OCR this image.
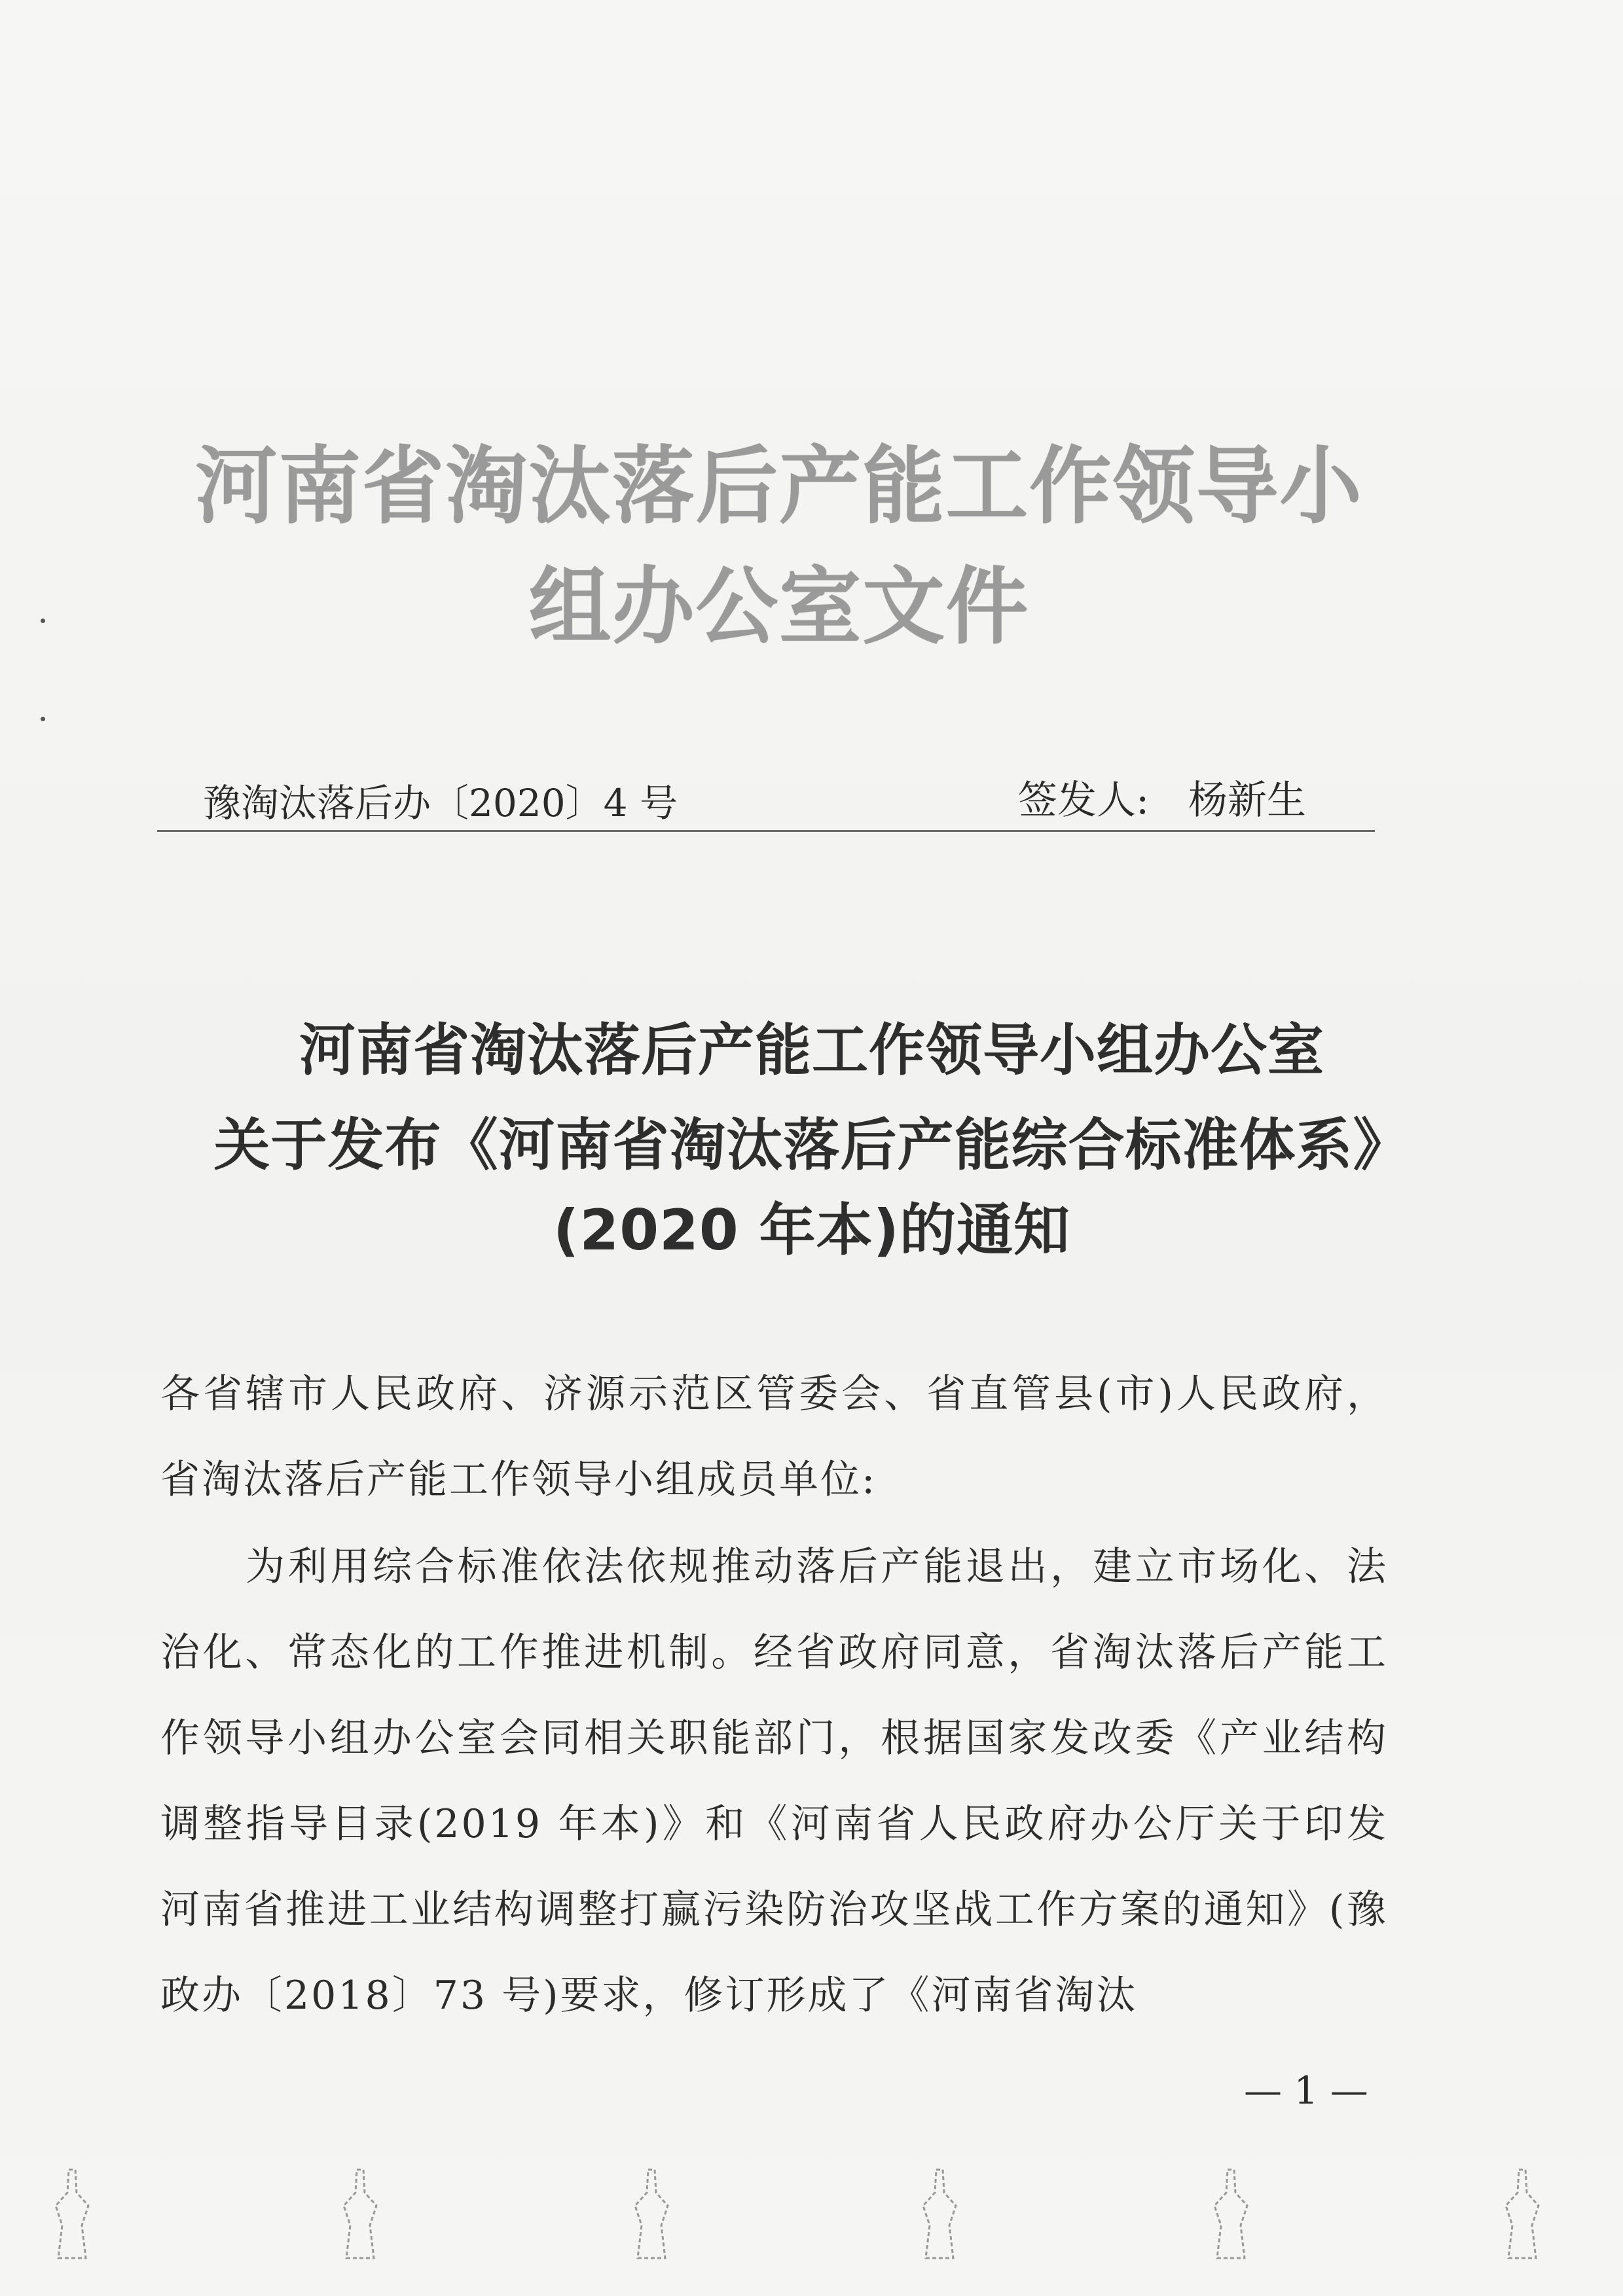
河南省淘汰落后产能工作领导小组办公室文件
豫淘汰落后办〔2020〕4 号	签发人: 杨新生
河南省淘汰落后产能工作领导小组办公室
关于发布《河南省淘汰落后产能综合标准体系》
(2020 年本)的通知
各省辖市人民政府、济源示范区管委会、省直管县(市)人民政府，省淘汰落后产能工作领导小组成员单位:
为利用综合标准依法依规推动落后产能退出，建立市场化、法治化、常态化的工作推进机制。经省政府同意，省淘汰落后产能工作领导小组办公室会同相关职能部门，根据国家发改委《产业结构调整指导目录(2019 年本)》和《河南省人民政府办公厅关于印发河南省推进工业结构调整打赢污染防治攻坚战工作方案的通知》(豫政办〔2018〕73 号)要求，修订形成了《河南省淘汰
— 1 —
